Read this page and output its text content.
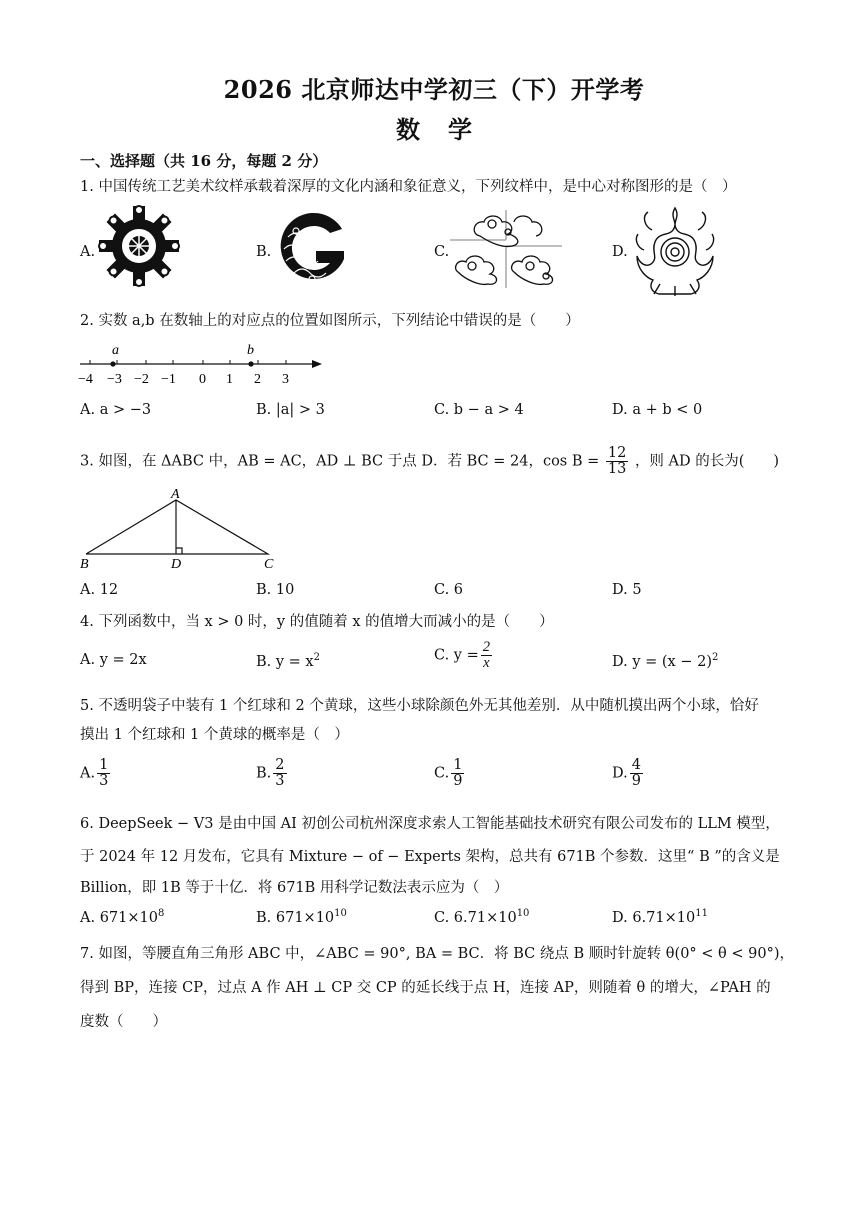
2026 北京师达中学初三（下）开学考
数学
一、选择题（共 16 分，每题 2 分）
1. 中国传统工艺美术纹样承载着深厚的文化内涵和象征意义，下列纹样中，是中心对称图形的是（　）
A.	B.	C.	D.
2. 实数 a,b 在数轴上的对应点的位置如图所示，下列结论中错误的是（　　）
a	b
−4 −3 −2 −1 0 1 2 3
A. a > −3	B. |a| > 3	C. b − a > 4	D. a + b < 0
3. 如图，在 ΔABC 中，AB = AC，AD ⊥ BC 于点 D．若 BC = 24，$\cos B = \frac{12}{13}$ ，则 AD 的长为(　　)
A
B	C
D
A. 12	B. 10	C. 6	D. 5
4. 下列函数中，当 x > 0 时，y 的值随着 x 的值增大而减小的是（　　）
A. y = 2x	B. $y = x^2$	C. $y = \frac{2}{x}$	D. $y = (x - 2)^2$
5. 不透明袋子中装有 1 个红球和 2 个黄球，这些小球除颜色外无其他差别．从中随机摸出两个小球，恰好
摸出 1 个红球和 1 个黄球的概率是（　）
A. $\frac{1}{3}$	B. $\frac{2}{3}$	C. $\frac{1}{9}$	D. $\frac{4}{9}$
6. DeepSeek − V3 是由中国 AI 初创公司杭州深度求索人工智能基础技术研究有限公司发布的 LLM 模型，
于 2024 年 12 月发布，它具有 Mixture − of − Experts 架构，总共有 671B 个参数．这里“ B ”的含义是
Billion，即 1B 等于十亿．将 671B 用科学记数法表示应为（　）
A. $671\times 10^8$	B. $671\times 10^{10}$	C. $6.71\times 10^{10}$	D. $6.71\times 10^{11}$
7. 如图，等腰直角三角形 ABC 中，∠ABC = 90°, BA = BC．将 BC 绕点 B 顺时针旋转 θ(0° < θ < 90°)，
得到 BP，连接 CP，过点 A 作 AH ⊥ CP 交 CP 的延长线于点 H，连接 AP，则随着 θ 的增大，∠PAH 的
度数（　　）
